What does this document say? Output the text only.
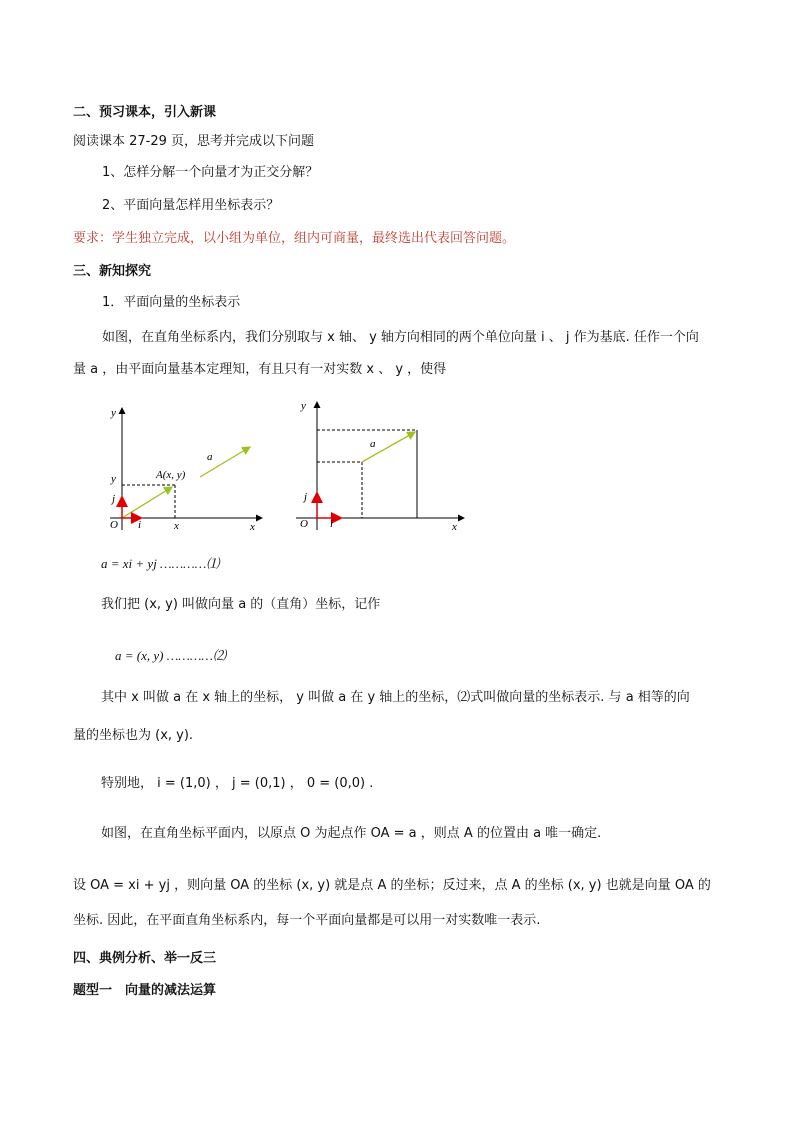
二、预习课本，引入新课
阅读课本 27-29 页，思考并完成以下问题
1、怎样分解一个向量才为正交分解？
2、平面向量怎样用坐标表示？
要求：学生独立完成，以小组为单位，组内可商量，最终选出代表回答问题。
三、新知探究
1．平面向量的坐标表示
如图，在直角坐标系内，我们分别取与 x 轴、 y 轴方向相同的两个单位向量 i 、 j 作为基底. 任作一个向
量 a ，由平面向量基本定理知，有且只有一对实数 x 、 y ，使得
y
x
O i
j
A(x, y)
x
y
a
y
x
O i
j
a
a = xi + yj …………⑴
我们把 (x, y) 叫做向量 a 的（直角）坐标，记作
a = (x, y) …………⑵
其中 x 叫做 a 在 x 轴上的坐标， y 叫做 a 在 y 轴上的坐标，⑵式叫做向量的坐标表示. 与 a 相等的向
量的坐标也为 (x, y).
特别地， i = (1,0) ， j = (0,1) ， 0 = (0,0) .
如图，在直角坐标平面内，以原点 O 为起点作 OA = a ，则点 A 的位置由 a 唯一确定.
设 OA = xi + yj ，则向量 OA 的坐标 (x, y) 就是点 A 的坐标；反过来，点 A 的坐标 (x, y) 也就是向量 OA 的
坐标. 因此，在平面直角坐标系内，每一个平面向量都是可以用一对实数唯一表示.
四、典例分析、举一反三
题型一　向量的减法运算
